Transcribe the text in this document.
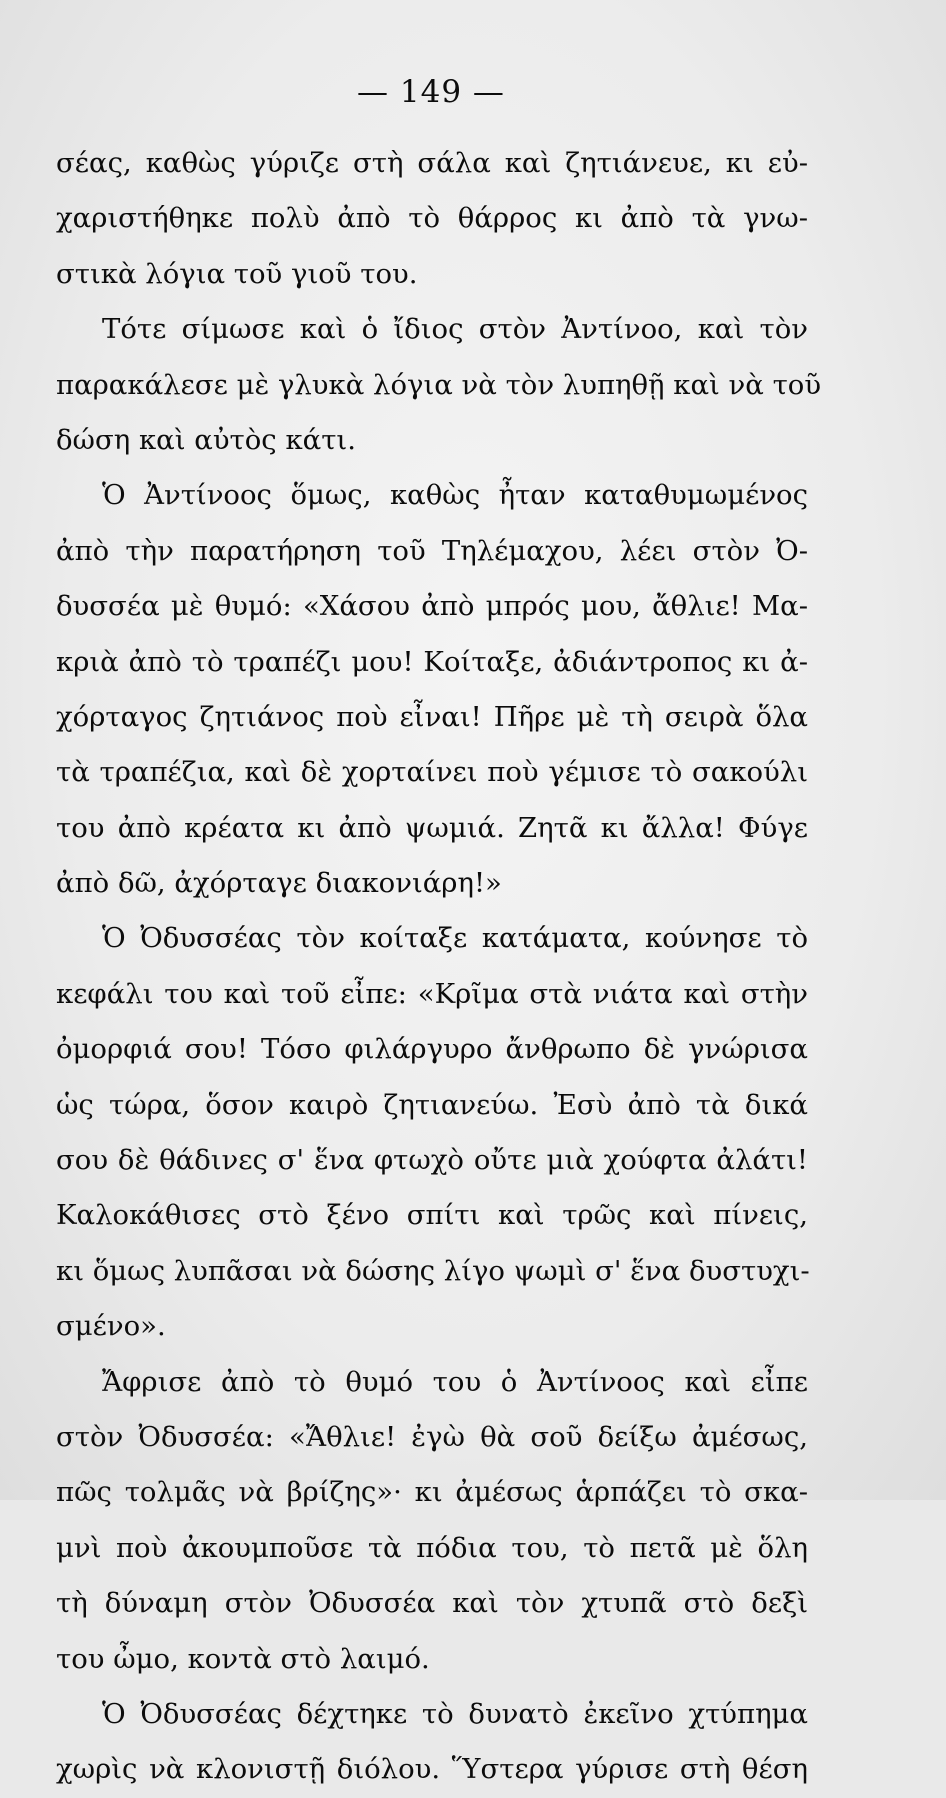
— 149 —
σέας, καθὼς γύριζε στὴ σάλα καὶ ζητιάνευε, κι εὐ-
χαριστήθηκε πολὺ ἀπὸ τὸ θάρρος κι ἀπὸ τὰ γνω-
στικὰ λόγια τοῦ γιοῦ του.
Τότε σίμωσε καὶ ὁ ἴδιος στὸν Ἀντίνοο, καὶ τὸν
παρακάλεσε μὲ γλυκὰ λόγια νὰ τὸν λυπηθῇ καὶ νὰ τοῦ
δώση καὶ αὐτὸς κάτι.
Ὁ Ἀντίνοος ὅμως, καθὼς ἦταν καταθυμωμένος
ἀπὸ τὴν παρατήρηση τοῦ Τηλέμαχου, λέει στὸν Ὀ-
δυσσέα μὲ θυμό: «Χάσου ἀπὸ μπρός μου, ἄθλιε! Μα-
κριὰ ἀπὸ τὸ τραπέζι μου! Κοίταξε, ἀδιάντροπος κι ἀ-
χόρταγος ζητιάνος ποὺ εἶναι! Πῆρε μὲ τὴ σειρὰ ὅλα
τὰ τραπέζια, καὶ δὲ χορταίνει ποὺ γέμισε τὸ σακούλι
του ἀπὸ κρέατα κι ἀπὸ ψωμιά. Ζητᾶ κι ἄλλα! Φύγε
ἀπὸ δῶ, ἀχόρταγε διακονιάρη!»
Ὁ Ὀδυσσέας τὸν κοίταξε κατάματα, κούνησε τὸ
κεφάλι του καὶ τοῦ εἶπε: «Κρῖμα στὰ νιάτα καὶ στὴν
ὀμορφιά σου! Τόσο φιλάργυρο ἄνθρωπο δὲ γνώρισα
ὡς τώρα, ὅσον καιρὸ ζητιανεύω. Ἐσὺ ἀπὸ τὰ δικά
σου δὲ θάδινες σ' ἕνα φτωχὸ οὔτε μιὰ χούφτα ἀλάτι!
Καλοκάθισες στὸ ξένο σπίτι καὶ τρῶς καὶ πίνεις,
κι ὅμως λυπᾶσαι νὰ δώσης λίγο ψωμὶ σ' ἕνα δυστυχι-
σμένο».
Ἄφρισε ἀπὸ τὸ θυμό του ὁ Ἀντίνοος καὶ εἶπε
στὸν Ὀδυσσέα: «Ἄθλιε! ἐγὼ θὰ σοῦ δείξω ἀμέσως,
πῶς τολμᾶς νὰ βρίζης»· κι ἀμέσως ἁρπάζει τὸ σκα-
μνὶ ποὺ ἀκουμποῦσε τὰ πόδια του, τὸ πετᾶ μὲ ὅλη
τὴ δύναμη στὸν Ὀδυσσέα καὶ τὸν χτυπᾶ στὸ δεξὶ
του ὦμο, κοντὰ στὸ λαιμό.
Ὁ Ὀδυσσέας δέχτηκε τὸ δυνατὸ ἐκεῖνο χτύπημα
χωρὶς νὰ κλονιστῇ διόλου. Ὕστερα γύρισε στὴ θέση
